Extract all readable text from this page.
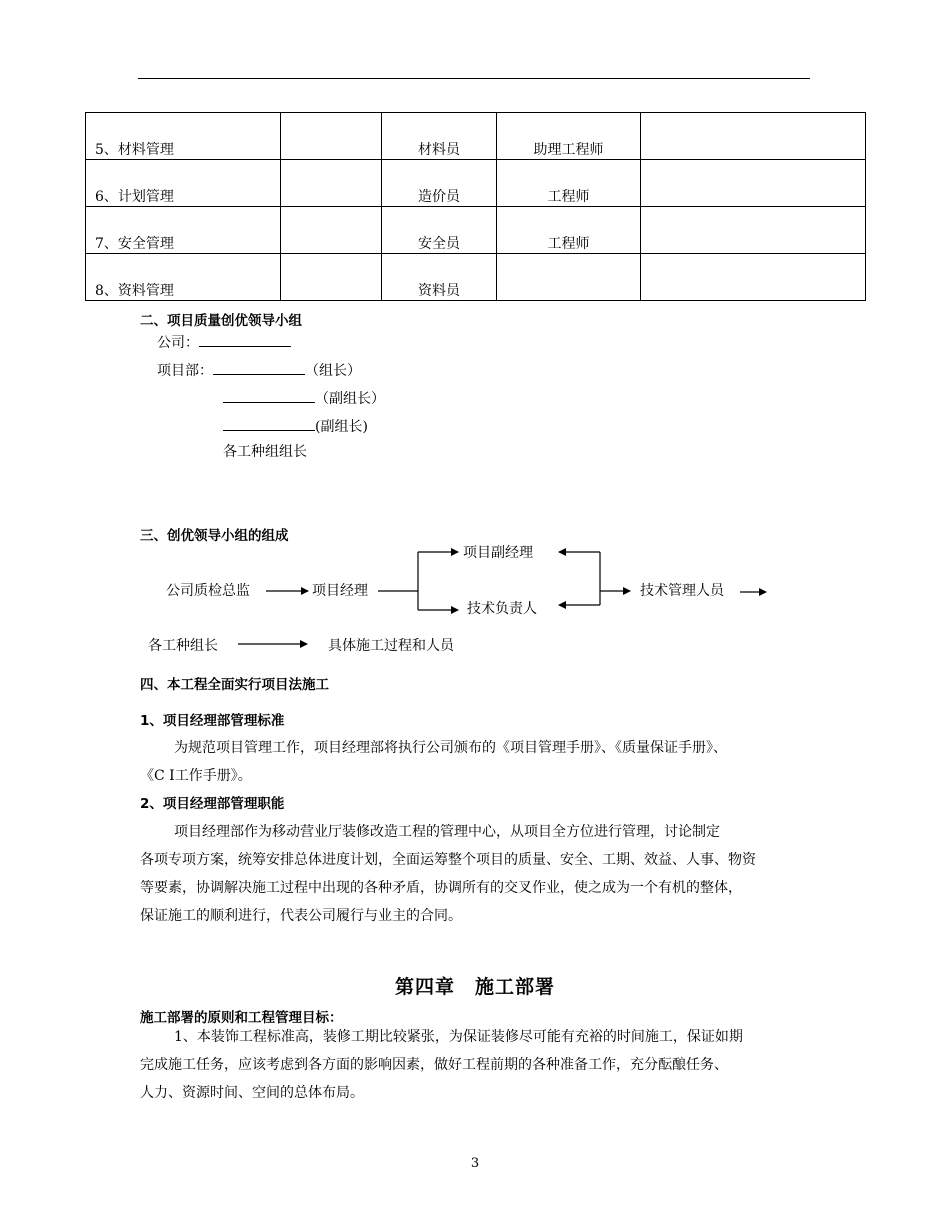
5、材料管理		材料员	助理工程师	
6、计划管理		造价员	工程师	
7、安全管理		安全员	工程师	
8、资料管理		资料员		
二、项目质量创优领导小组
公司：
项目部：	（组长）
（副组长）
(副组长)
各工种组组长
三、创优领导小组的组成
公司质检总监	项目经理
项目副经理
技术负责人
技术管理人员
各工种组长	具体施工过程和人员
四、本工程全面实行项目法施工
1、项目经理部管理标准
为规范项目管理工作，项目经理部将执行公司颁布的《项目管理手册》、《质量保证手册》、
《C I工作手册》。
2、项目经理部管理职能
项目经理部作为移动营业厅装修改造工程的管理中心，从项目全方位进行管理，讨论制定
各项专项方案，统筹安排总体进度计划，全面运筹整个项目的质量、安全、工期、效益、人事、物资
等要素，协调解决施工过程中出现的各种矛盾，协调所有的交叉作业，使之成为一个有机的整体，
保证施工的顺利进行，代表公司履行与业主的合同。
第四章　施工部署
施工部署的原则和工程管理目标：
1、本装饰工程标准高，装修工期比较紧张，为保证装修尽可能有充裕的时间施工，保证如期
完成施工任务，应该考虑到各方面的影响因素，做好工程前期的各种准备工作，充分酝酿任务、
人力、资源时间、空间的总体布局。
3
